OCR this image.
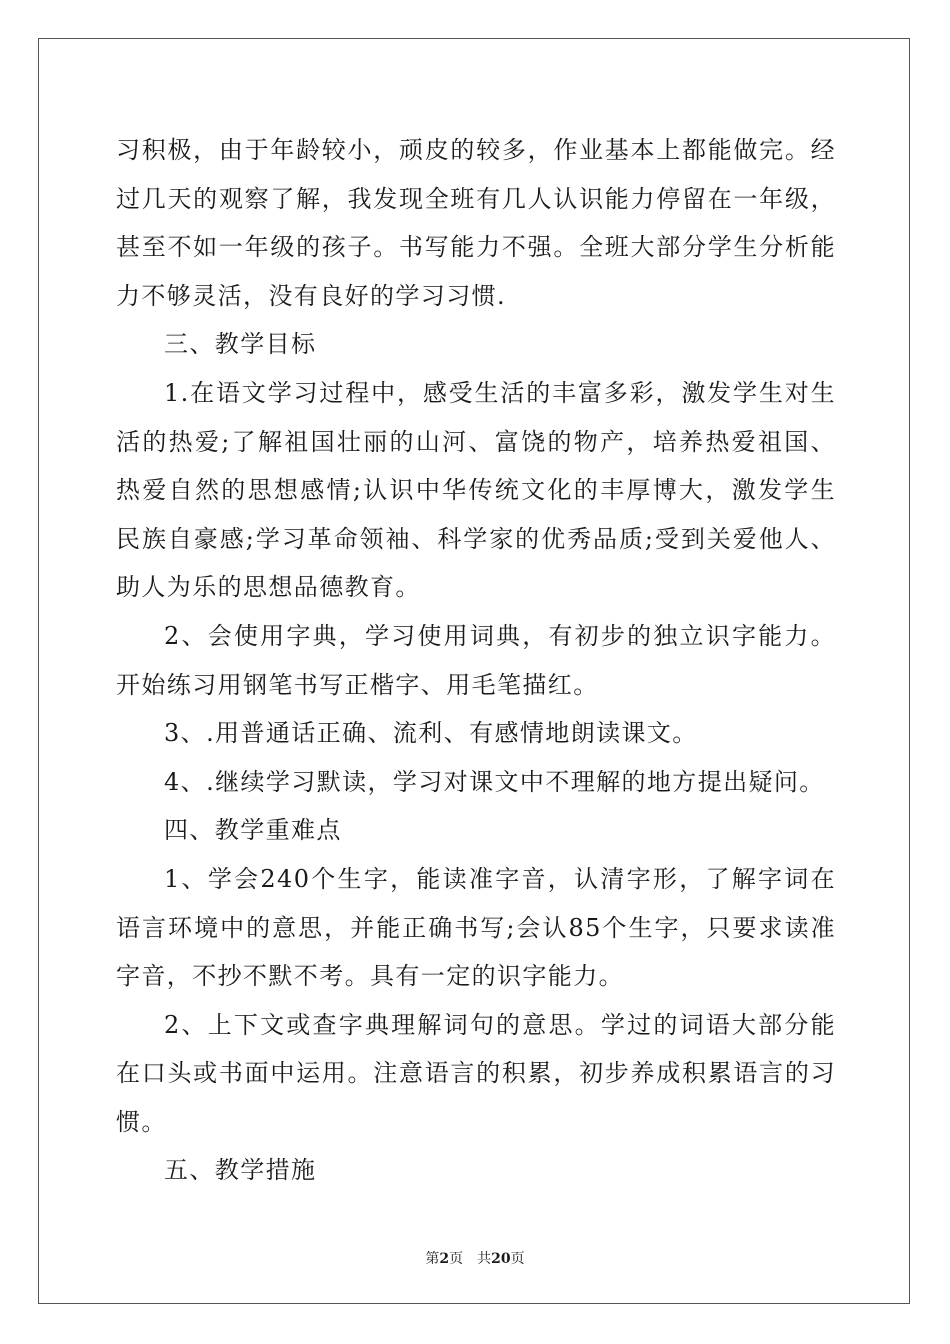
习积极，由于年龄较小，顽皮的较多，作业基本上都能做完。经过几天的观察了解，我发现全班有几人认识能力停留在一年级，甚至不如一年级的孩子。书写能力不强。全班大部分学生分析能力不够灵活，没有良好的学习习惯.

三、教学目标

1.在语文学习过程中，感受生活的丰富多彩，激发学生对生活的热爱;了解祖国壮丽的山河、富饶的物产，培养热爱祖国、热爱自然的思想感情;认识中华传统文化的丰厚博大，激发学生民族自豪感;学习革命领袖、科学家的优秀品质;受到关爱他人、助人为乐的思想品德教育。

2、会使用字典，学习使用词典，有初步的独立识字能力。开始练习用钢笔书写正楷字、用毛笔描红。

3、.用普通话正确、流利、有感情地朗读课文。

4、.继续学习默读，学习对课文中不理解的地方提出疑问。

四、教学重难点

1、学会240个生字，能读准字音，认清字形，了解字词在语言环境中的意思，并能正确书写;会认85个生字，只要求读准字音，不抄不默不考。具有一定的识字能力。

2、上下文或查字典理解词句的意思。学过的词语大部分能在口头或书面中运用。注意语言的积累，初步养成积累语言的习惯。

五、教学措施

第2页 共20页
